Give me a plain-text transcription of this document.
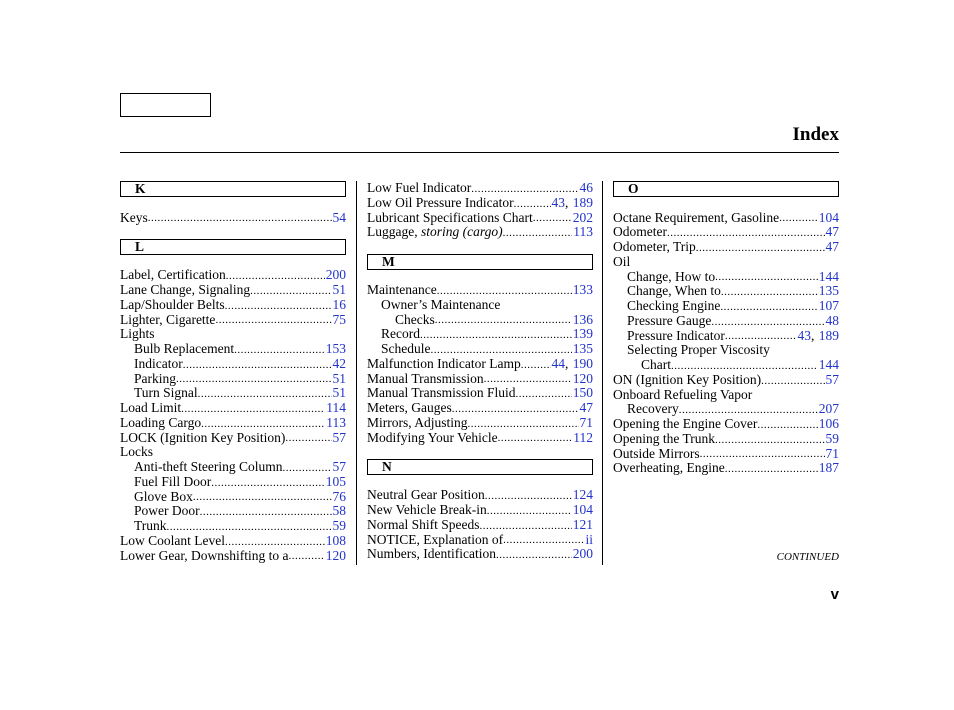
Index
K
Keys .....	54
L
Label, Certification .....	200
Lane Change, Signaling .....	51
Lap/Shoulder Belts .....	16
Lighter, Cigarette .....	75
Lights
Bulb Replacement .....	153
Indicator .....	42
Parking .....	51
Turn Signal .....	51
Load Limit .....	114
Loading Cargo .....	113
LOCK (Ignition Key Position) .....	57
Locks
Anti-theft Steering Column .....	57
Fuel Fill Door .....	105
Glove Box .....	76
Power Door .....	58
Trunk .....	59
Low Coolant Level .....	108
Lower Gear, Downshifting to a .....	120
Low Fuel Indicator .....	46
Low Oil Pressure Indicator .....	43 , 189
Lubricant Specifications Chart .....	202
Luggage,
storing (cargo) .....	113
M
Maintenance .....	133
Owner’s Maintenance
Checks .....	136
Record .....	139
Schedule .....	135
Malfunction Indicator Lamp ..... 44 , 190
Manual Transmission .....	120
Manual Transmission Fluid .....	150
Meters, Gauges .....	47
Mirrors, Adjusting .....	71
Modifying Your Vehicle .....	112
N
Neutral Gear Position .....	124
New Vehicle Break-in .....	104
Normal Shift Speeds .....	121
NOTICE, Explanation of .....	ii
Numbers, Identification .....	200
O
Octane Requirement, Gasoline .....	104
Odometer .....	47
Odometer, Trip .....	47
Oil
Change, How to .....	144
Change, When to .....	135
Checking Engine .....	107
Pressure Gauge .....	48
Pressure Indicator .....	43 , 189
Selecting Proper Viscosity
Chart .....	144
ON (Ignition Key Position) .....	57
Onboard Refueling Vapor
Recovery .....	207
Opening the Engine Cover .....	106
Opening the Trunk .....	59
Outside Mirrors .....	71
Overheating, Engine .....	187
CONTINUED
v
